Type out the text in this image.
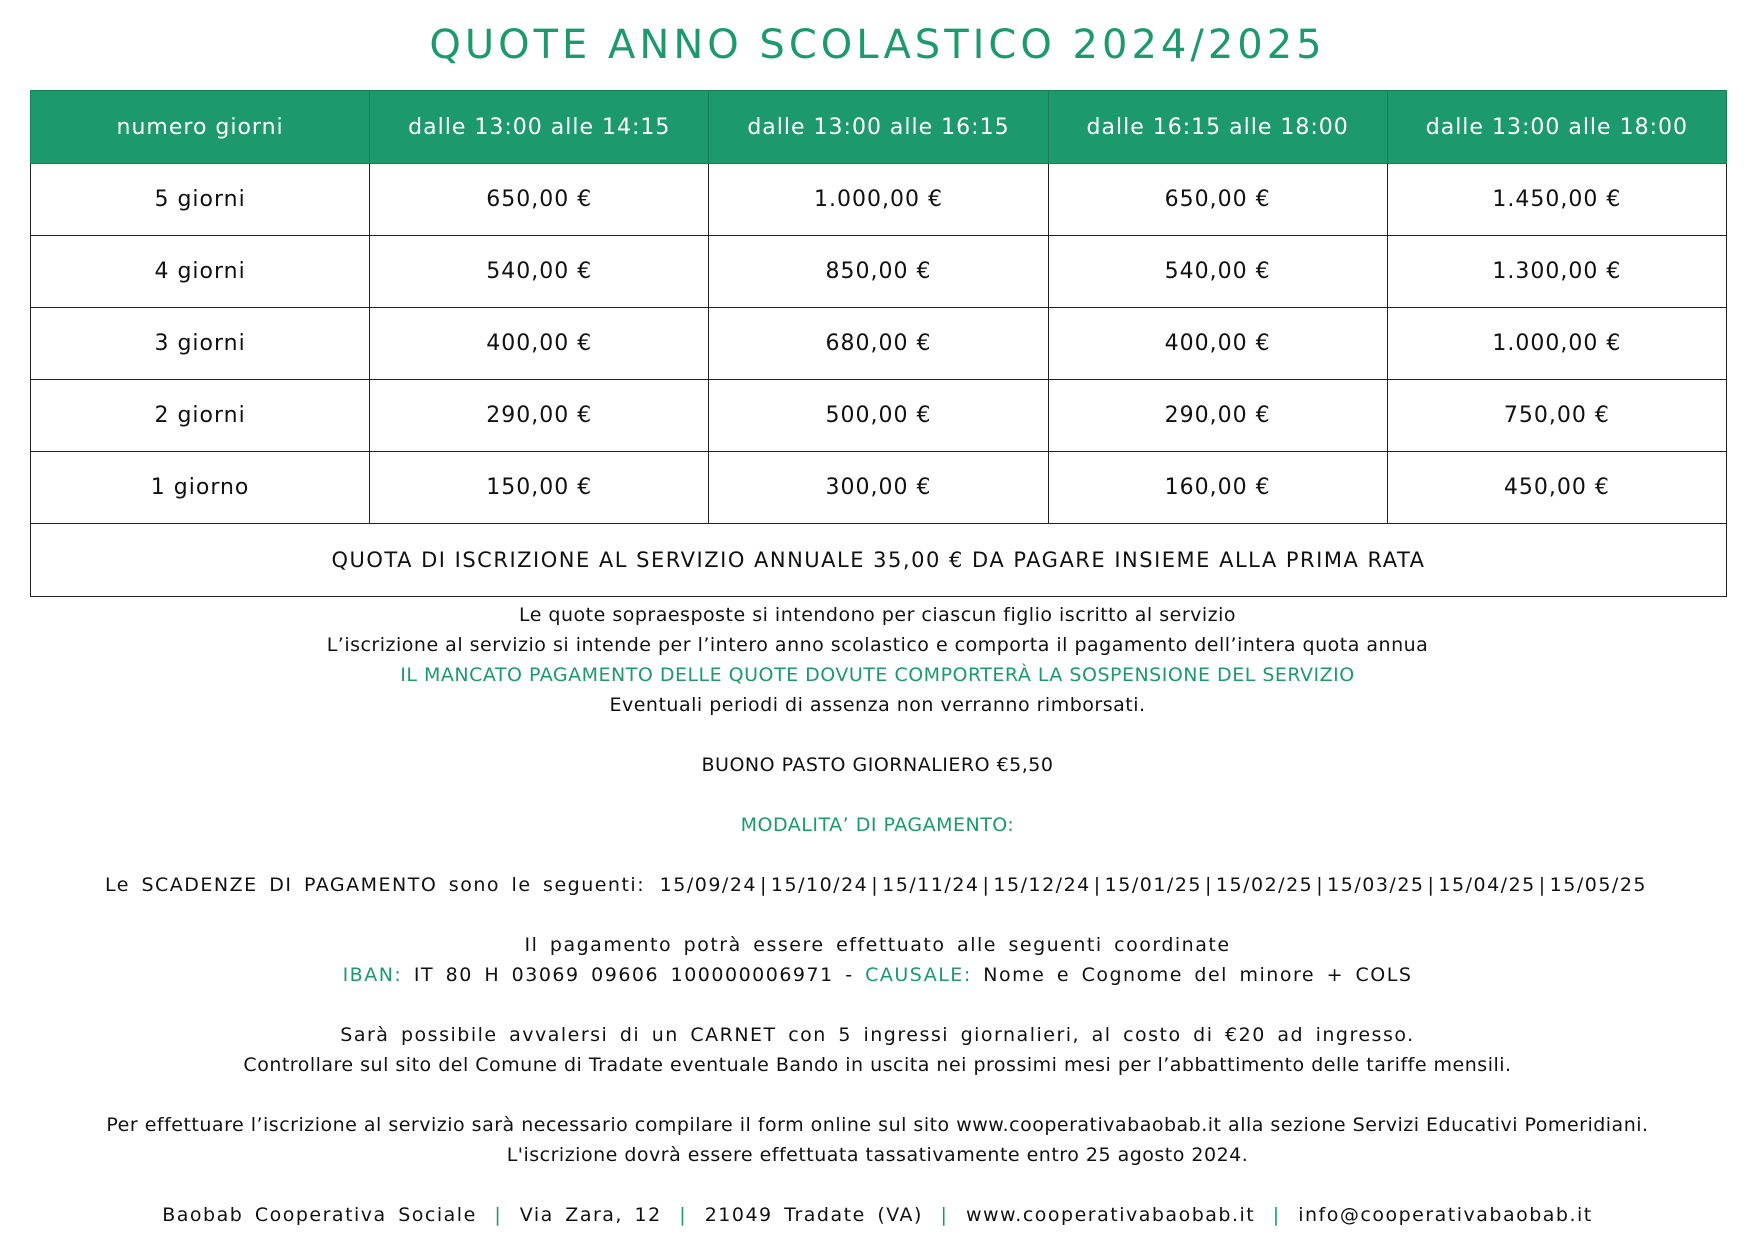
QUOTE ANNO SCOLASTICO 2024/2025
numero giorni	dalle 13:00 alle 14:15	dalle 13:00 alle 16:15	dalle 16:15 alle 18:00	dalle 13:00 alle 18:00
5 giorni	650,00 €	1.000,00 €	650,00 €	1.450,00 €
4 giorni	540,00 €	850,00 €	540,00 €	1.300,00 €
3 giorni	400,00 €	680,00 €	400,00 €	1.000,00 €
2 giorni	290,00 €	500,00 €	290,00 €	750,00 €
1 giorno	150,00 €	300,00 €	160,00 €	450,00 €
QUOTA DI ISCRIZIONE AL SERVIZIO ANNUALE 35,00 € DA PAGARE INSIEME ALLA PRIMA RATA				
Le quote sopraesposte si intendono per ciascun figlio iscritto al servizio
L’iscrizione al servizio si intende per l’intero anno scolastico e comporta il pagamento dell’intera quota annua
IL MANCATO PAGAMENTO DELLE QUOTE DOVUTE COMPORTERÀ LA SOSPENSIONE DEL SERVIZIO
Eventuali periodi di assenza non verranno rimborsati.
BUONO PASTO GIORNALIERO €5,50
MODALITA’ DI PAGAMENTO:
Le SCADENZE DI PAGAMENTO sono le seguenti: 15/09/24 | 15/10/24 | 15/11/24 | 15/12/24 | 15/01/25 | 15/02/25 | 15/03/25 | 15/04/25 | 15/05/25
Il pagamento potrà essere effettuato alle seguenti coordinate
IBAN: IT 80 H 03069 09606 100000006971 - CAUSALE: Nome e Cognome del minore + COLS
Sarà possibile avvalersi di un CARNET con 5 ingressi giornalieri, al costo di €20 ad ingresso.
Controllare sul sito del Comune di Tradate eventuale Bando in uscita nei prossimi mesi per l’abbattimento delle tariffe mensili.
Per effettuare l’iscrizione al servizio sarà necessario compilare il form online sul sito www.cooperativabaobab.it alla sezione Servizi Educativi Pomeridiani.
L'iscrizione dovrà essere effettuata tassativamente entro 25 agosto 2024.
Baobab Cooperativa Sociale | Via Zara, 12 | 21049 Tradate (VA) | www.cooperativabaobab.it | info@cooperativabaobab.it
